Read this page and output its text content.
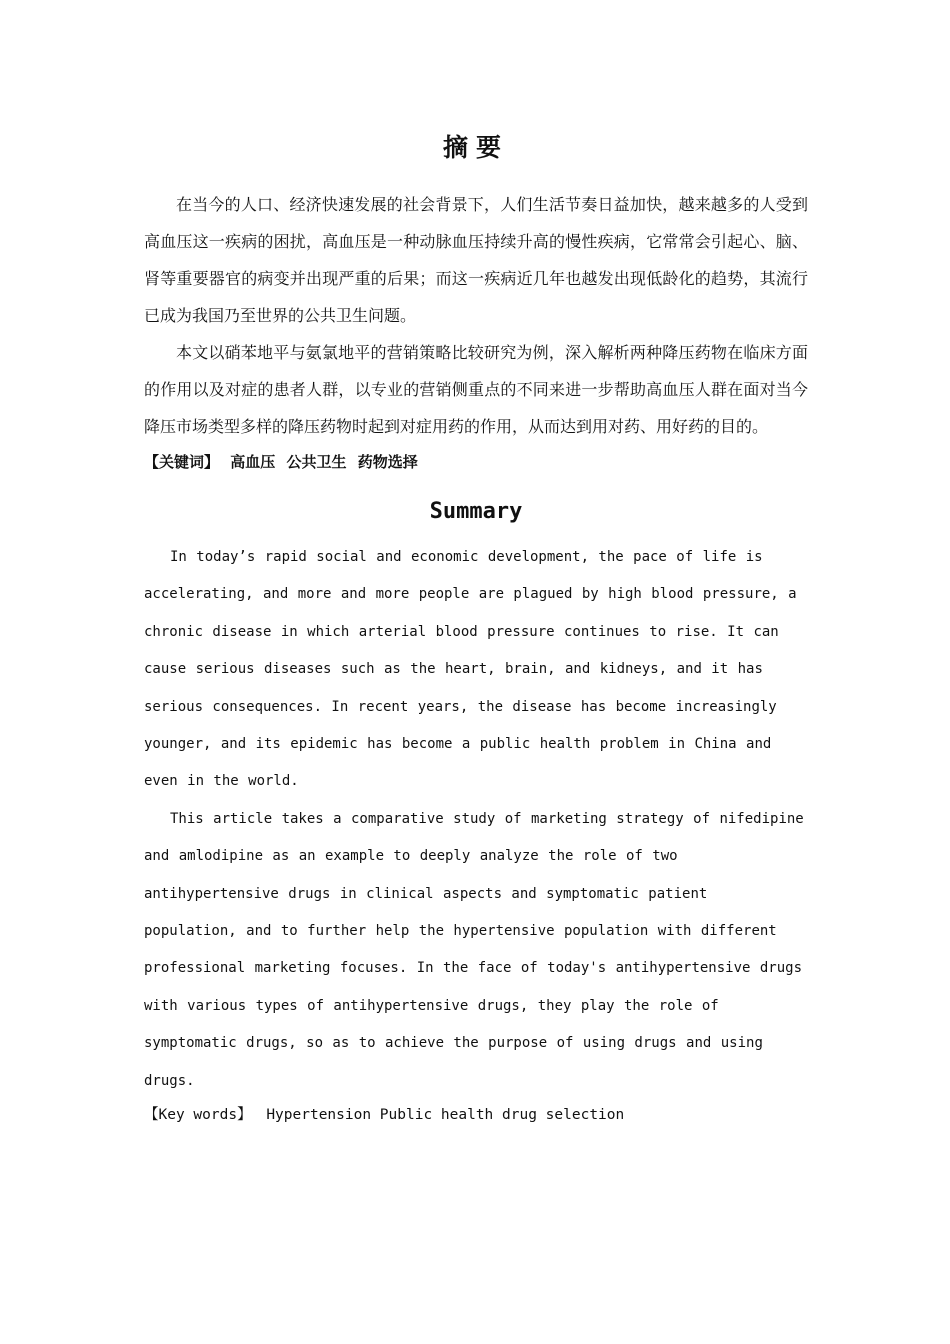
摘要

在当今的人口、经济快速发展的社会背景下，人们生活节奏日益加快，越来越多的人受到高血压这一疾病的困扰，高血压是一种动脉血压持续升高的慢性疾病，它常常会引起心、脑、肾等重要器官的病变并出现严重的后果；而这一疾病近几年也越发出现低龄化的趋势，其流行已成为我国乃至世界的公共卫生问题。

本文以硝苯地平与氨氯地平的营销策略比较研究为例，深入解析两种降压药物在临床方面的作用以及对症的患者人群，以专业的营销侧重点的不同来进一步帮助高血压人群在面对当今降压市场类型多样的降压药物时起到对症用药的作用，从而达到用对药、用好药的目的。

【关键词】 高血压 公共卫生 药物选择
Summary

In today’s rapid social and economic development, the pace of life is accelerating, and more and more people are plagued by high blood pressure, a chronic disease in which arterial blood pressure continues to rise. It can cause serious diseases such as the heart, brain, and kidneys, and it has serious consequences. In recent years, the disease has become increasingly younger, and its epidemic has become a public health problem in China and even in the world.

This article takes a comparative study of marketing strategy of nifedipine and amlodipine as an example to deeply analyze the role of two antihypertensive drugs in clinical aspects and symptomatic patient population, and to further help the hypertensive population with different professional marketing focuses. In the face of today's antihypertensive drugs with various types of antihypertensive drugs, they play the role of symptomatic drugs, so as to achieve the purpose of using drugs and using drugs.

【Key words】 Hypertension Public health drug selection
